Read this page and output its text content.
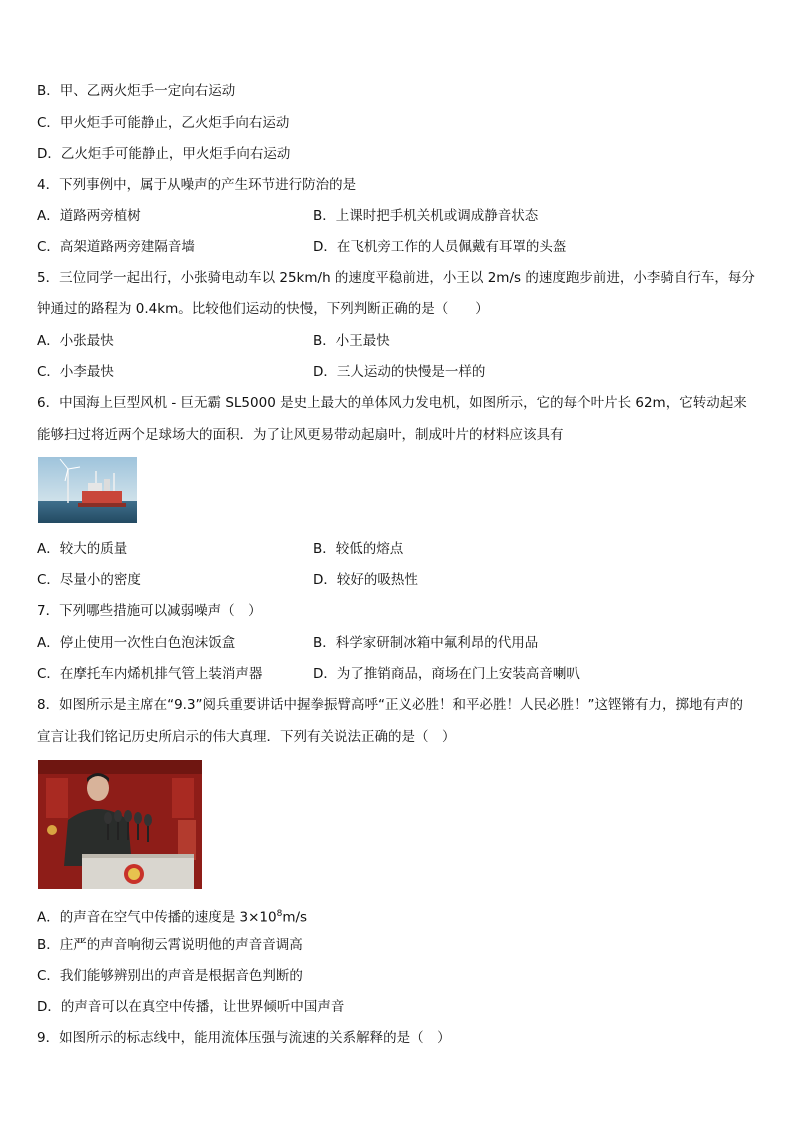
B．甲、乙两火炬手一定向右运动
C．甲火炬手可能静止，乙火炬手向右运动
D．乙火炬手可能静止，甲火炬手向右运动
4．下列事例中，属于从噪声的产生环节进行防治的是
A．道路两旁植树	B．上课时把手机关机或调成静音状态
C．高架道路两旁建隔音墙	D．在飞机旁工作的人员佩戴有耳罩的头盔
5．三位同学一起出行，小张骑电动车以 25km/h 的速度平稳前进，小王以 2m/s 的速度跑步前进，小李骑自行车，每分
钟通过的路程为 0.4km。比较他们运动的快慢，下列判断正确的是（　　）
A．小张最快	B．小王最快
C．小李最快	D．三人运动的快慢是一样的
6．中国海上巨型风机 - 巨无霸 SL5000 是史上最大的单体风力发电机，如图所示，它的每个叶片长 62m，它转动起来
能够扫过将近两个足球场大的面积．为了让风更易带动起扇叶，制成叶片的材料应该具有
A．较大的质量	B．较低的熔点
C．尽量小的密度	D．较好的吸热性
7．下列哪些措施可以减弱噪声（　）
A．停止使用一次性白色泡沫饭盒	B．科学家研制冰箱中氟利昂的代用品
C．在摩托车内烯机排气管上装消声器	D．为了推销商品，商场在门上安装高音喇叭
8．如图所示是主席在“9.3”阅兵重要讲话中握拳振臂高呼“正义必胜！和平必胜！人民必胜！”这铿锵有力，掷地有声的
宣言让我们铭记历史所启示的伟大真理．下列有关说法正确的是（　）
A．的声音在空气中传播的速度是 $3\times 10^8m/s$
B．庄严的声音响彻云霄说明他的声音音调高
C．我们能够辨别出的声音是根据音色判断的
D．的声音可以在真空中传播，让世界倾听中国声音
9．如图所示的标志线中，能用流体压强与流速的关系解释的是（　）
